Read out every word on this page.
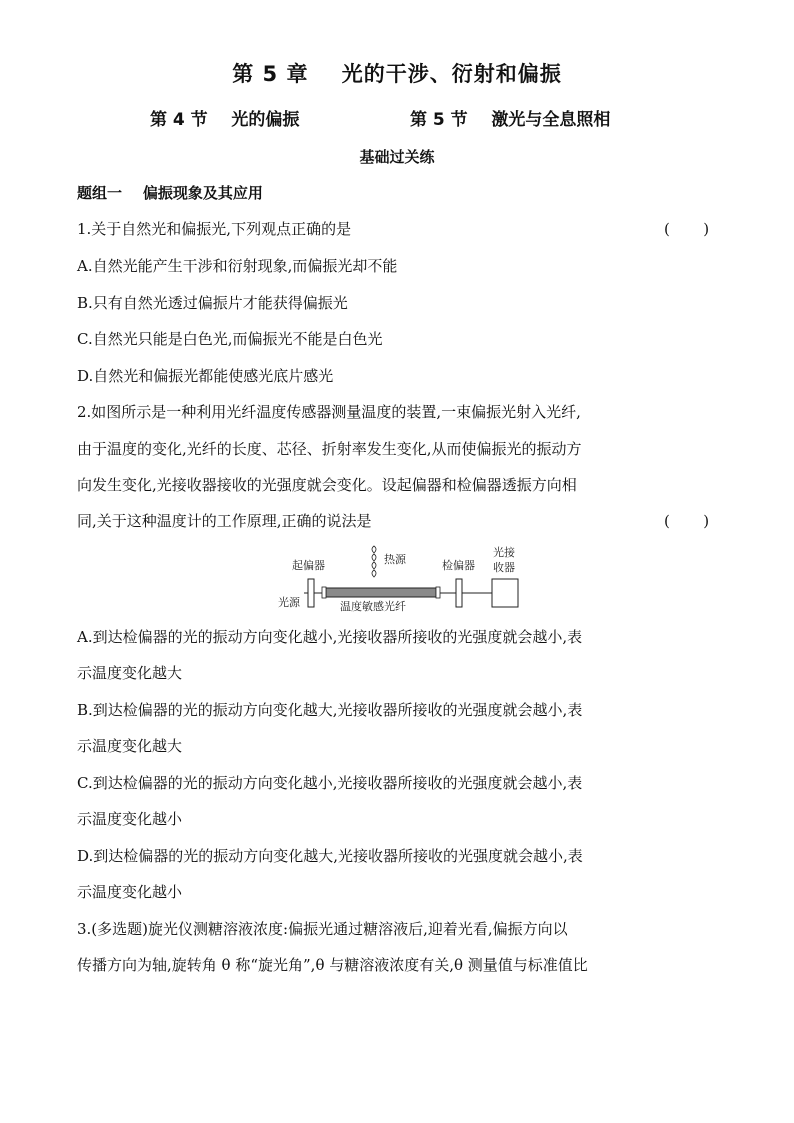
第 5 章    光的干涉、衍射和偏振
第 4 节    光的偏振	第 5 节    激光与全息照相
基础过关练
题组一    偏振现象及其应用
1.关于自然光和偏振光,下列观点正确的是	(       )
A.自然光能产生干涉和衍射现象,而偏振光却不能
B.只有自然光透过偏振片才能获得偏振光
C.自然光只能是白色光,而偏振光不能是白色光
D.自然光和偏振光都能使感光底片感光
2.如图所示是一种利用光纤温度传感器测量温度的装置,一束偏振光射入光纤,
由于温度的变化,光纤的长度、芯径、折射率发生变化,从而使偏振光的振动方
向发生变化,光接收器接收的光强度就会变化。设起偏器和检偏器透振方向相
同,关于这种温度计的工作原理,正确的说法是	(       )
起偏器	热源	检偏器
光接
收器
光源	温度敏感光纤
A.到达检偏器的光的振动方向变化越小,光接收器所接收的光强度就会越小,表
示温度变化越大
B.到达检偏器的光的振动方向变化越大,光接收器所接收的光强度就会越小,表
示温度变化越大
C.到达检偏器的光的振动方向变化越小,光接收器所接收的光强度就会越小,表
示温度变化越小
D.到达检偏器的光的振动方向变化越大,光接收器所接收的光强度就会越小,表
示温度变化越小
3.(多选题)旋光仪测糖溶液浓度:偏振光通过糖溶液后,迎着光看,偏振方向以
传播方向为轴,旋转角 θ 称“旋光角”,θ 与糖溶液浓度有关,θ 测量值与标准值比
